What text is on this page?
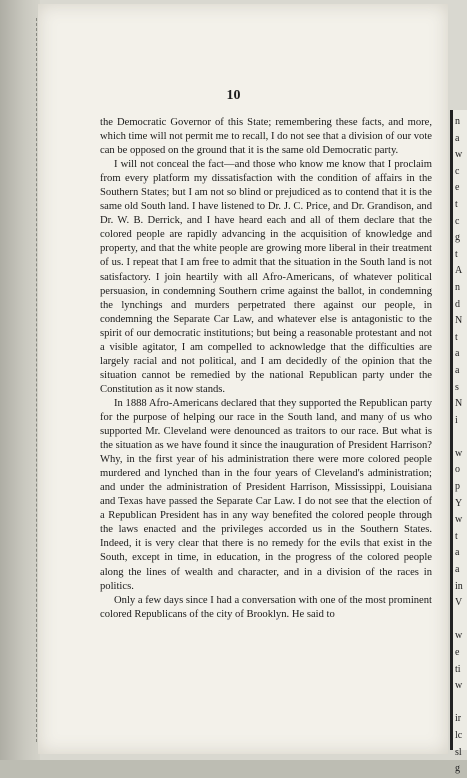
n
a
w
c
e
t
c
g
t
A
n
d
N
t
a
a
s
N
i

w
o
p
Y
w
t
a
a
in
V

w
e
ti
w

ir
lc
sl
g
10

the Democratic Governor of this State; remembering these facts, and more, which time will not permit me to recall, I do not see that a division of our vote can be opposed on the ground that it is the same old Democratic party.

I will not conceal the fact—and those who know me know that I proclaim from every platform my dissatisfaction with the condition of affairs in the Southern States; but I am not so blind or prejudiced as to contend that it is the same old South land. I have listened to Dr. J. C. Price, and Dr. Grandison, and Dr. W. B. Derrick, and I have heard each and all of them declare that the colored people are rapidly advancing in the acquisition of knowledge and property, and that the white people are growing more liberal in their treatment of us. I repeat that I am free to admit that the situation in the South land is not satisfactory. I join heartily with all Afro-Americans, of whatever political persuasion, in condemning Southern crime against the ballot, in condemning the lynchings and murders perpetrated there against our people, in condemning the Separate Car Law, and whatever else is antagonistic to the spirit of our democratic institutions; but being a reasonable protestant and not a visible agitator, I am compelled to acknowledge that the difficulties are largely racial and not political, and I am decidedly of the opinion that the situation cannot be remedied by the national Republican party under the Constitution as it now stands.

In 1888 Afro-Americans declared that they supported the Republican party for the purpose of helping our race in the South land, and many of us who supported Mr. Cleveland were denounced as traitors to our race. But what is the situation as we have found it since the inauguration of President Harrison? Why, in the first year of his administration there were more colored people murdered and lynched than in the four years of Cleveland's administration; and under the administration of President Harrison, Mississippi, Louisiana and Texas have passed the Separate Car Law. I do not see that the election of a Republican President has in any way benefited the colored people through the laws enacted and the privileges accorded us in the Southern States. Indeed, it is very clear that there is no remedy for the evils that exist in the South, except in time, in education, in the progress of the colored people along the lines of wealth and character, and in a division of the races in politics.

Only a few days since I had a conversation with one of the most prominent colored Republicans of the city of Brooklyn. He said to
